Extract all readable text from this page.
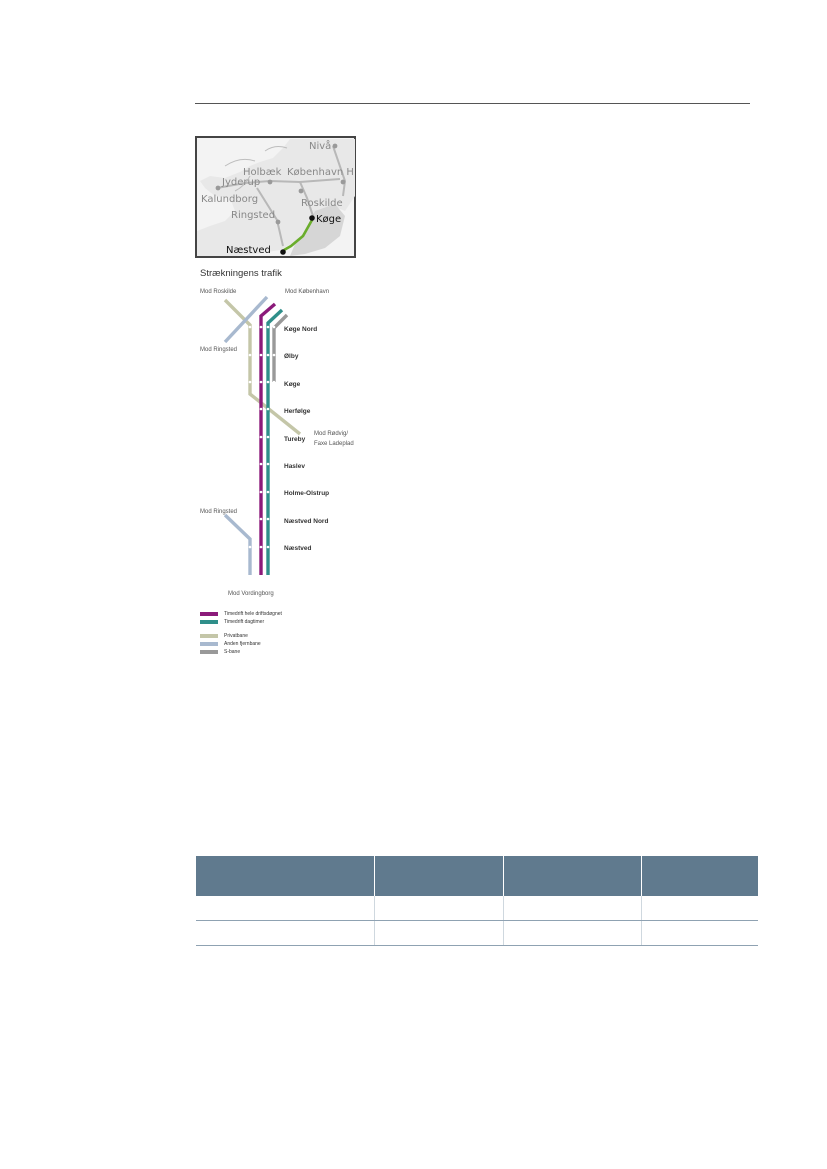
Nivå
Holbæk København H
Jyderup
Kalundborg	Roskilde
Ringsted	Køge
Næstved
Strækningens trafik
Mod Roskilde	Mod København
Mod Ringsted
Mod Rødvig/
Faxe Ladeplad
Mod Ringsted
Mod Vordingborg
Køge Nord
Ølby
Køge
Herfølge
Tureby
Haslev
Holme-Olstrup
Næstved Nord
Næstved
Timedrift hele driftsdøgnet
Timedrift dagtimer
Privatbane
Anden fjernbane
S-bane
